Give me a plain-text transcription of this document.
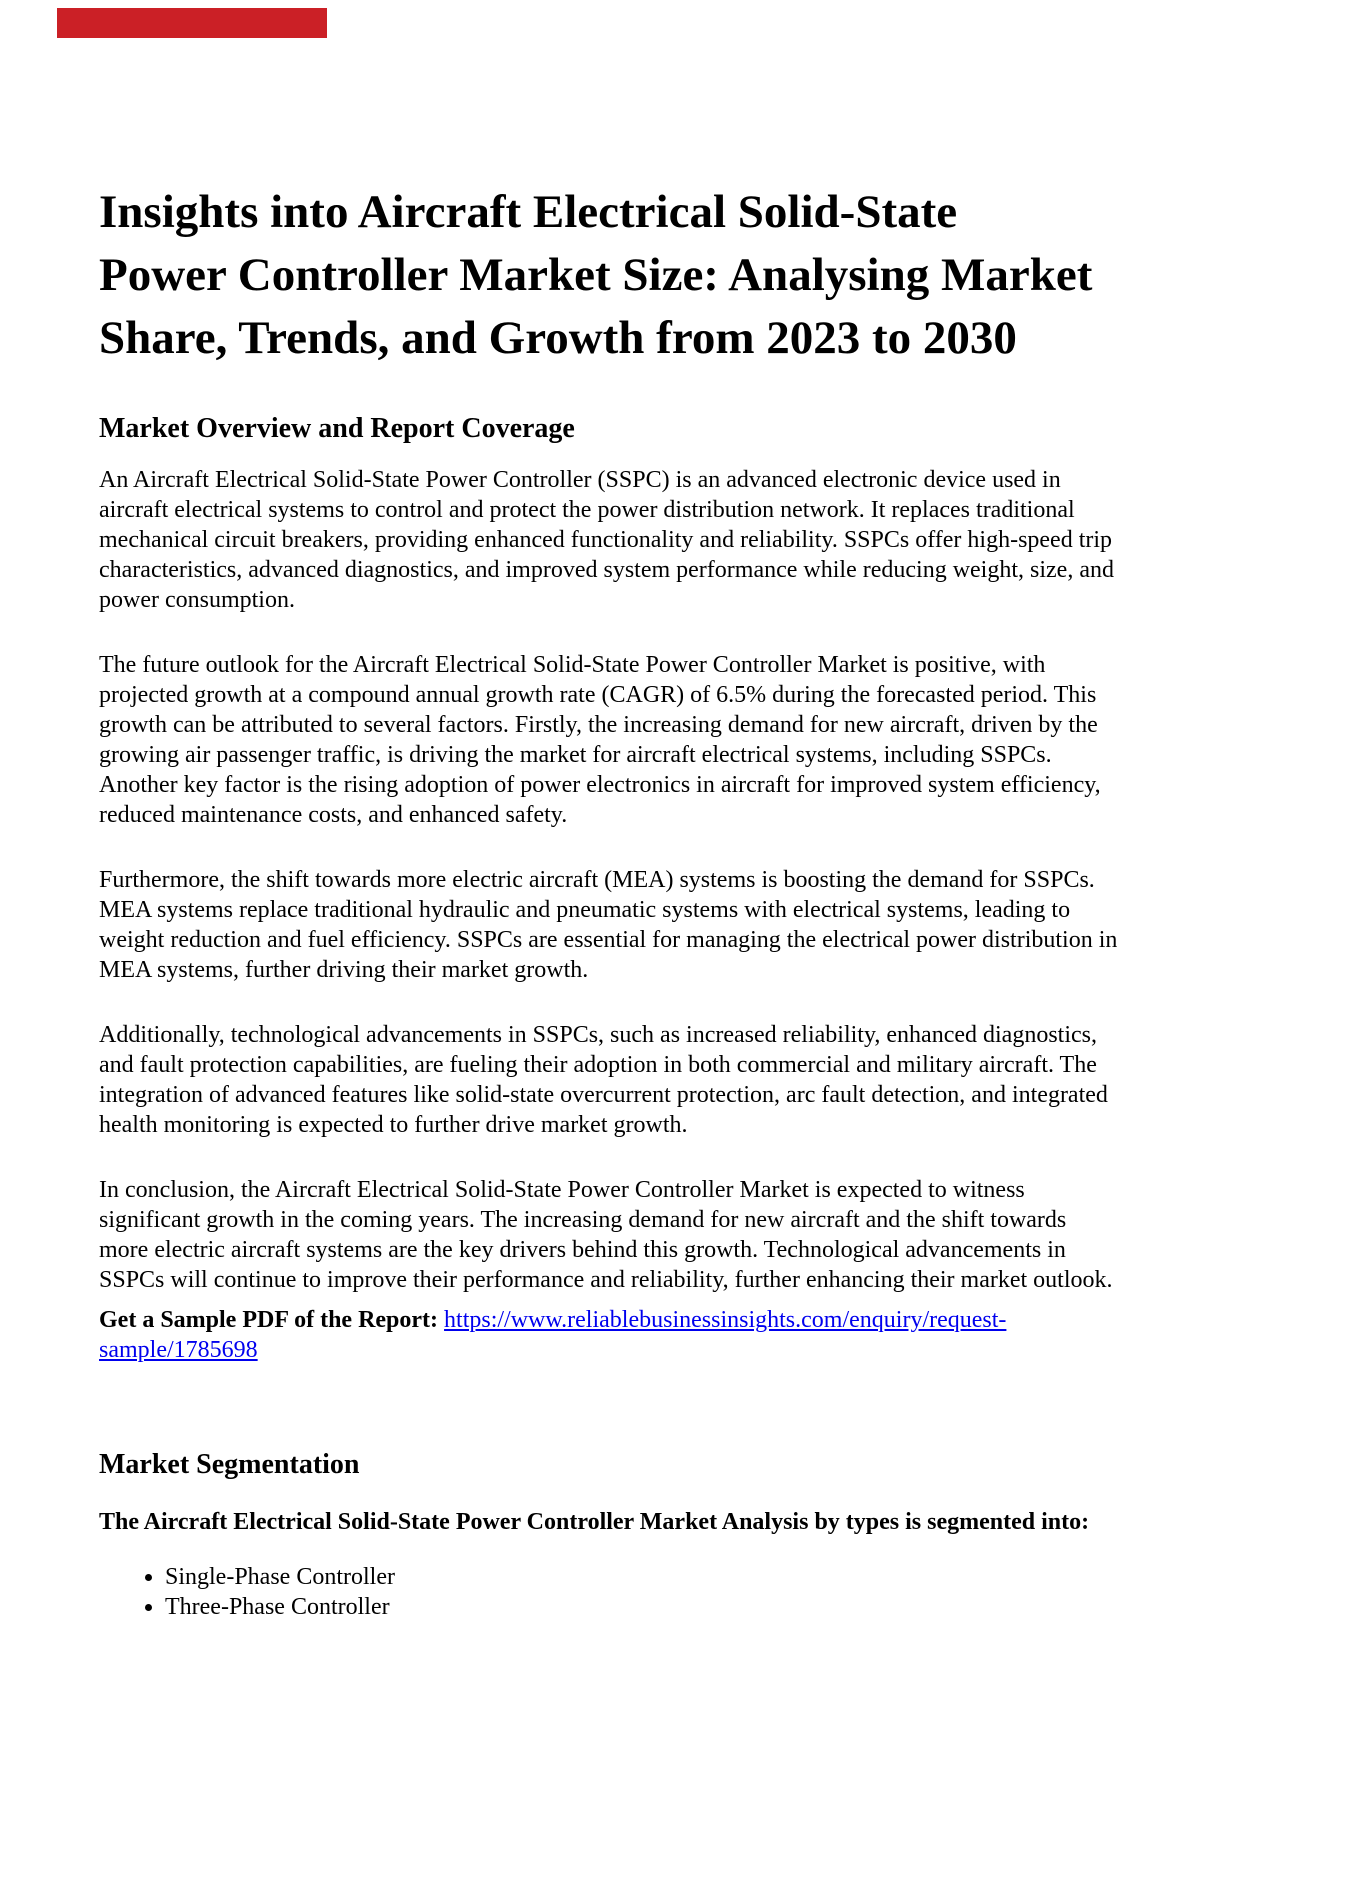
Insights into Aircraft Electrical Solid-State
Power Controller Market Size: Analysing Market
Share, Trends, and Growth from 2023 to 2030
Market Overview and Report Coverage

An Aircraft Electrical Solid-State Power Controller (SSPC) is an advanced electronic device used in
aircraft electrical systems to control and protect the power distribution network. It replaces traditional
mechanical circuit breakers, providing enhanced functionality and reliability. SSPCs offer high-speed trip
characteristics, advanced diagnostics, and improved system performance while reducing weight, size, and
power consumption.

The future outlook for the Aircraft Electrical Solid-State Power Controller Market is positive, with
projected growth at a compound annual growth rate (CAGR) of 6.5% during the forecasted period. This
growth can be attributed to several factors. Firstly, the increasing demand for new aircraft, driven by the
growing air passenger traffic, is driving the market for aircraft electrical systems, including SSPCs.
Another key factor is the rising adoption of power electronics in aircraft for improved system efficiency,
reduced maintenance costs, and enhanced safety.

Furthermore, the shift towards more electric aircraft (MEA) systems is boosting the demand for SSPCs.
MEA systems replace traditional hydraulic and pneumatic systems with electrical systems, leading to
weight reduction and fuel efficiency. SSPCs are essential for managing the electrical power distribution in
MEA systems, further driving their market growth.

Additionally, technological advancements in SSPCs, such as increased reliability, enhanced diagnostics,
and fault protection capabilities, are fueling their adoption in both commercial and military aircraft. The
integration of advanced features like solid-state overcurrent protection, arc fault detection, and integrated
health monitoring is expected to further drive market growth.

In conclusion, the Aircraft Electrical Solid-State Power Controller Market is expected to witness
significant growth in the coming years. The increasing demand for new aircraft and the shift towards
more electric aircraft systems are the key drivers behind this growth. Technological advancements in
SSPCs will continue to improve their performance and reliability, further enhancing their market outlook.

Get a Sample PDF of the Report: https://www.reliablebusinessinsights.com/enquiry/request-
sample/1785698

Market Segmentation

The Aircraft Electrical Solid-State Power Controller Market Analysis by types is segmented into:

• Single-Phase Controller
• Three-Phase Controller
